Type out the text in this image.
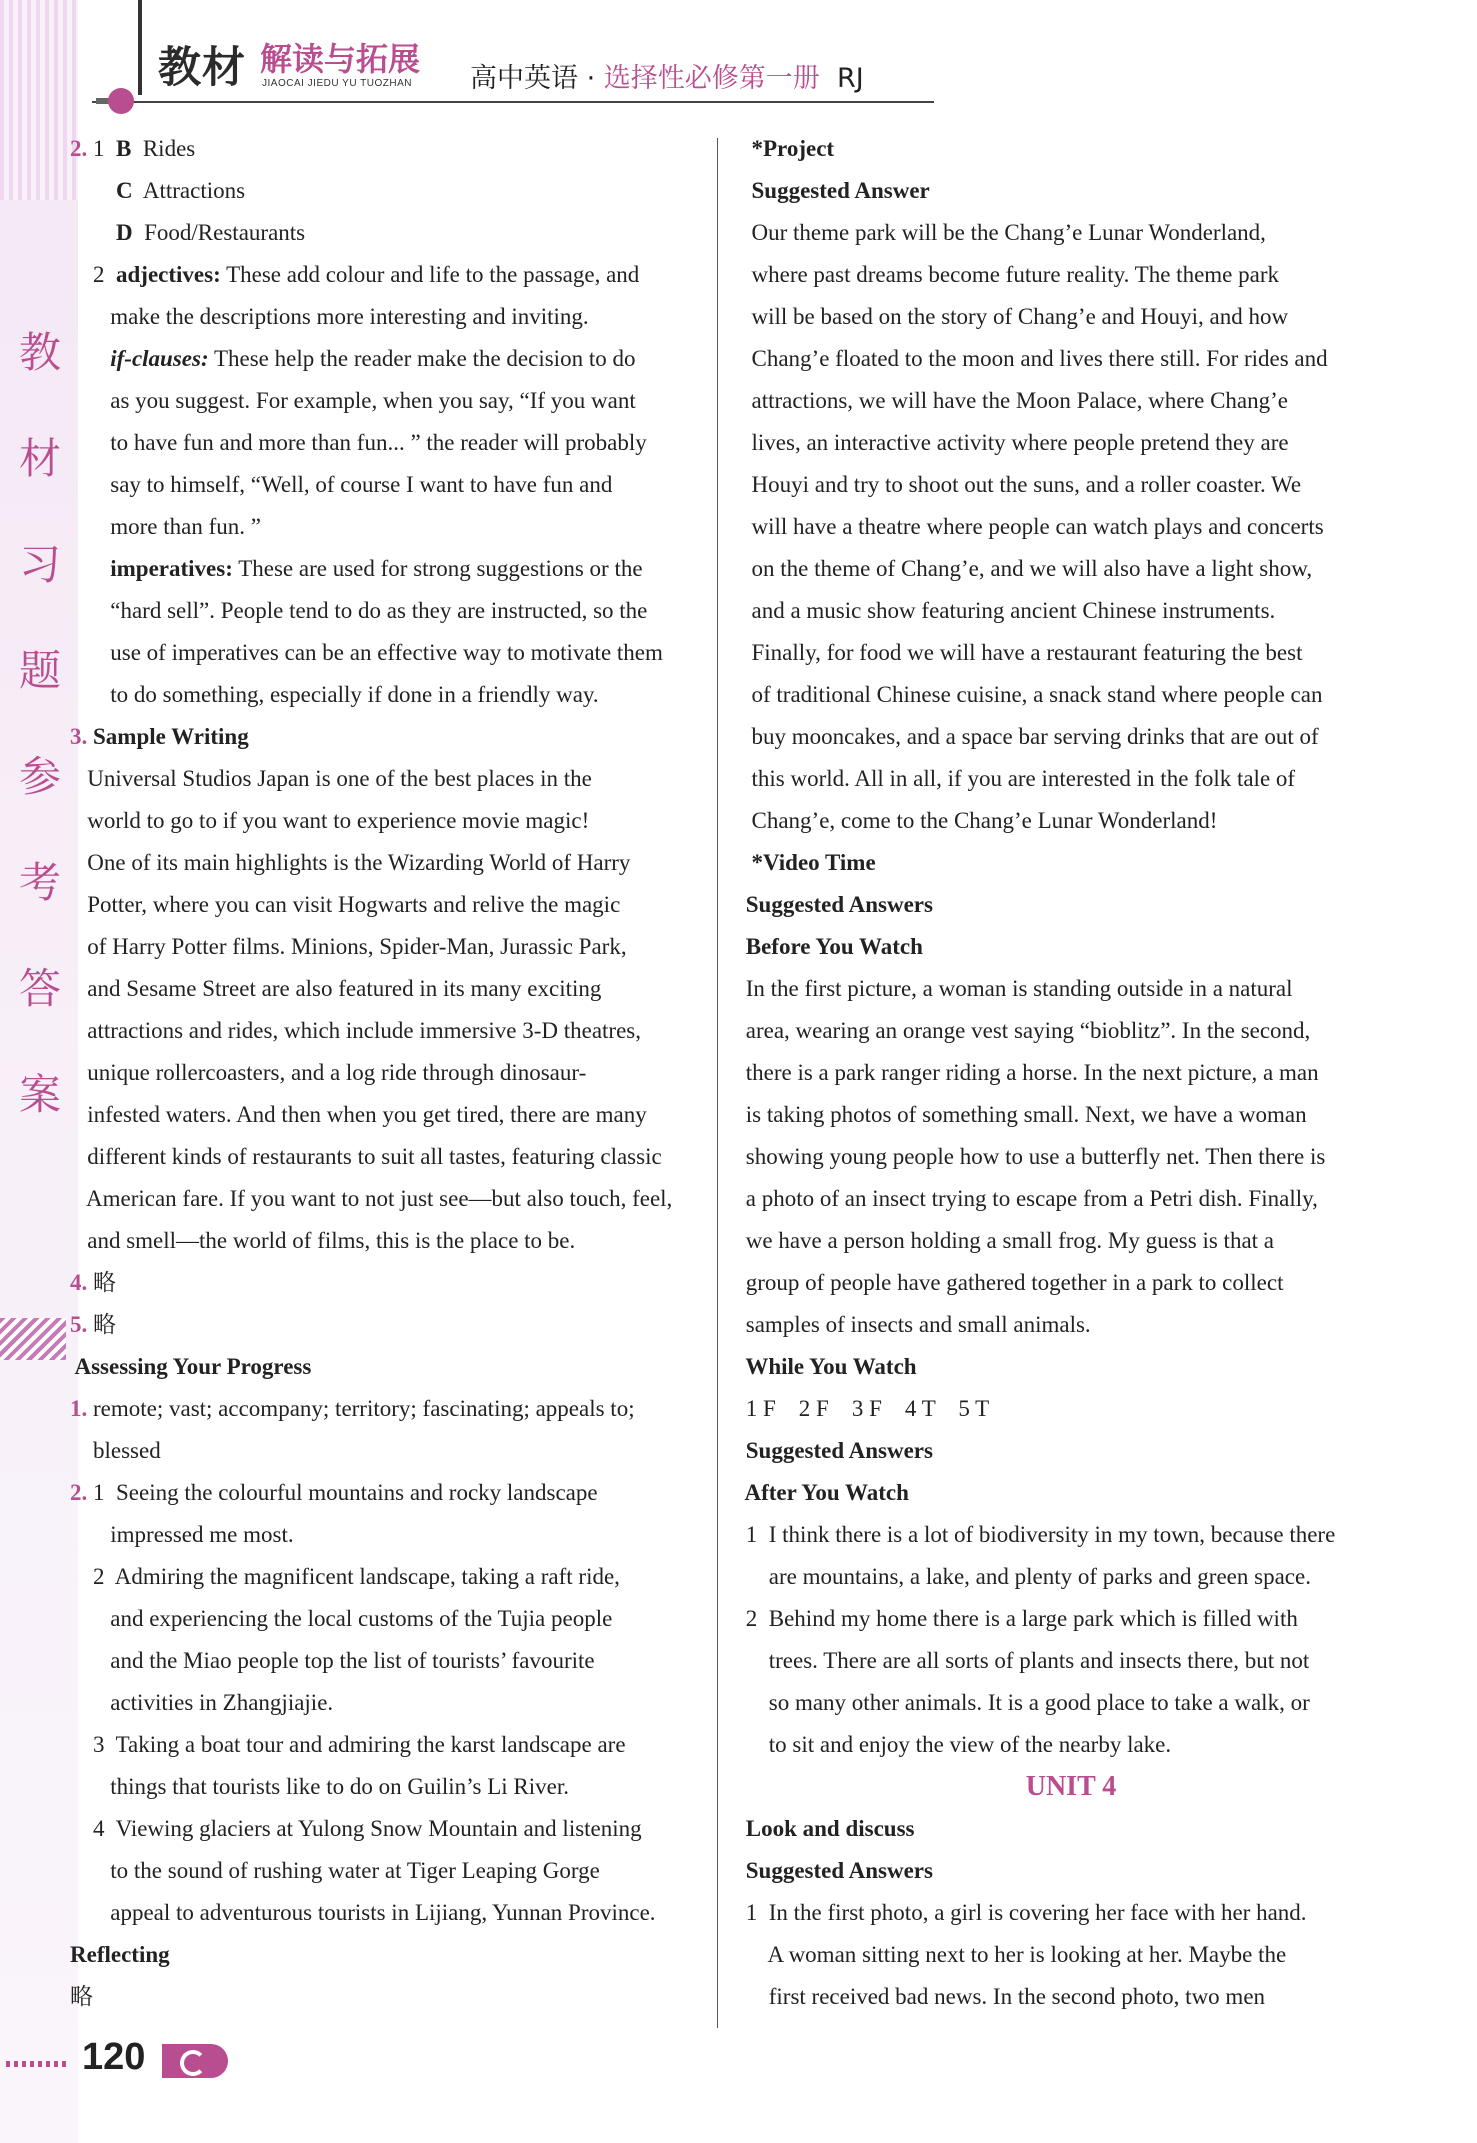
教
材
习
题
参
考
答
案
教材 解读与拓展
JIAOCAI JIEDU YU TUOZHAN 高中英语 · 选择性必修第一册 RJ

2. 1  B  Rides

C  Attractions

D  Food/Restaurants

2  adjectives: These add colour and life to the passage, and

make the descriptions more interesting and inviting.

if-clauses: These help the reader make the decision to do

as you suggest. For example, when you say, “If you want

to have fun and more than fun... ” the reader will probably

say to himself, “Well, of course I want to have fun and

more than fun. ”

imperatives: These are used for strong suggestions or the

“hard sell”. People tend to do as they are instructed, so the

use of imperatives can be an effective way to motivate them

to do something, especially if done in a friendly way.

3. Sample Writing

Universal Studios Japan is one of the best places in the

world to go to if you want to experience movie magic!

One of its main highlights is the Wizarding World of Harry

Potter, where you can visit Hogwarts and relive the magic

of Harry Potter films. Minions, Spider-Man, Jurassic Park,

and Sesame Street are also featured in its many exciting

attractions and rides, which include immersive 3-D theatres,

unique rollercoasters, and a log ride through dinosaur-

infested waters. And then when you get tired, there are many

different kinds of restaurants to suit all tastes, featuring classic

American fare. If you want to not just see—but also touch, feel,

and smell—the world of films, this is the place to be.

4. 略

5. 略

Assessing Your Progress

1. remote; vast; accompany; territory; fascinating; appeals to;

blessed

2. 1  Seeing the colourful mountains and rocky landscape

impressed me most.

2  Admiring the magnificent landscape, taking a raft ride,

and experiencing the local customs of the Tujia people

and the Miao people top the list of tourists’ favourite

activities in Zhangjiajie.

3  Taking a boat tour and admiring the karst landscape are

things that tourists like to do on Guilin’s Li River.

4  Viewing glaciers at Yulong Snow Mountain and listening

to the sound of rushing water at Tiger Leaping Gorge

appeal to adventurous tourists in Lijiang, Yunnan Province.

Reflecting

略

*Project

Suggested Answer

Our theme park will be the Chang’e Lunar Wonderland,

where past dreams become future reality. The theme park

will be based on the story of Chang’e and Houyi, and how

Chang’e floated to the moon and lives there still. For rides and

attractions, we will have the Moon Palace, where Chang’e

lives, an interactive activity where people pretend they are

Houyi and try to shoot out the suns, and a roller coaster. We

will have a theatre where people can watch plays and concerts

on the theme of Chang’e, and we will also have a light show,

and a music show featuring ancient Chinese instruments.

Finally, for food we will have a restaurant featuring the best

of traditional Chinese cuisine, a snack stand where people can

buy mooncakes, and a space bar serving drinks that are out of

this world. All in all, if you are interested in the folk tale of

Chang’e, come to the Chang’e Lunar Wonderland!

*Video Time

Suggested Answers

Before You Watch

In the first picture, a woman is standing outside in a natural

area, wearing an orange vest saying “bioblitz”. In the second,

there is a park ranger riding a horse. In the next picture, a man

is taking photos of something small. Next, we have a woman

showing young people how to use a butterfly net. Then there is

a photo of an insect trying to escape from a Petri dish. Finally,

we have a person holding a small frog. My guess is that a

group of people have gathered together in a park to collect

samples of insects and small animals.

While You Watch

1 F    2 F    3 F    4 T    5 T

Suggested Answers

After You Watch

1  I think there is a lot of biodiversity in my town, because there

are mountains, a lake, and plenty of parks and green space.

2  Behind my home there is a large park which is filled with

trees. There are all sorts of plants and insects there, but not

so many other animals. It is a good place to take a walk, or

to sit and enjoy the view of the nearby lake.

UNIT 4

Look and discuss

Suggested Answers

1  In the first photo, a girl is covering her face with her hand.

A woman sitting next to her is looking at her. Maybe the

first received bad news. In the second photo, two men

120
